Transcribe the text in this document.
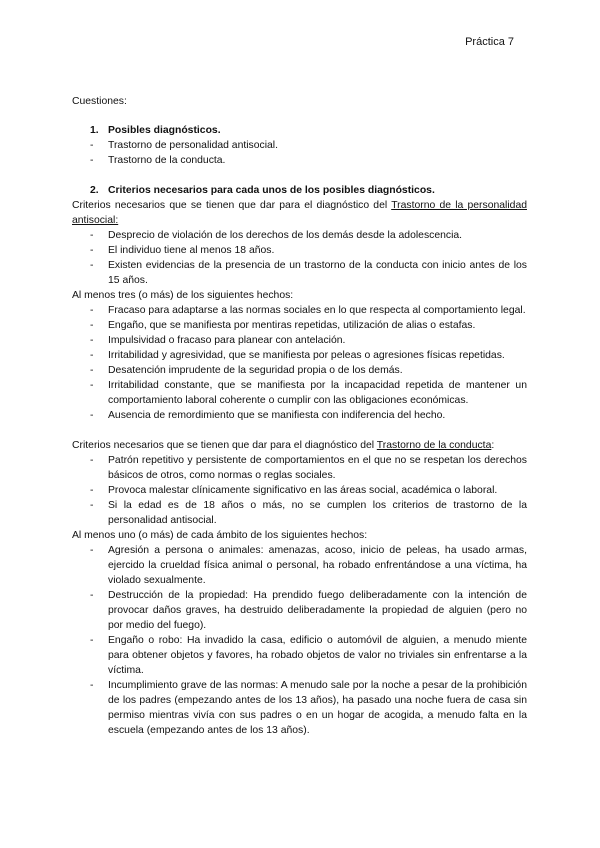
Práctica 7

Cuestiones:

1. Posibles diagnósticos.

- Trastorno de personalidad antisocial.
- Trastorno de la conducta.

2. Criterios necesarios para cada unos de los posibles diagnósticos.

Criterios necesarios que se tienen que dar para el diagnóstico del Trastorno de la personalidad antisocial:

- Desprecio de violación de los derechos de los demás desde la adolescencia.
- El individuo tiene al menos 18 años.
- Existen evidencias de la presencia de un trastorno de la conducta con inicio antes de los 15 años.

Al menos tres (o más) de los siguientes hechos:

- Fracaso para adaptarse a las normas sociales en lo que respecta al comportamiento legal.
- Engaño, que se manifiesta por mentiras repetidas, utilización de alias o estafas.
- Impulsividad o fracaso para planear con antelación.
- Irritabilidad y agresividad, que se manifiesta por peleas o agresiones físicas repetidas.
- Desatención imprudente de la seguridad propia o de los demás.
- Irritabilidad constante, que se manifiesta por la incapacidad repetida de mantener un comportamiento laboral coherente o cumplir con las obligaciones económicas.
- Ausencia de remordimiento que se manifiesta con indiferencia del hecho.

Criterios necesarios que se tienen que dar para el diagnóstico del Trastorno de la conducta:

- Patrón repetitivo y persistente de comportamientos en el que no se respetan los derechos básicos de otros, como normas o reglas sociales.
- Provoca malestar clínicamente significativo en las áreas social, académica o laboral.
- Si la edad es de 18 años o más, no se cumplen los criterios de trastorno de la personalidad antisocial.

Al menos uno (o más) de cada ámbito de los siguientes hechos:

- Agresión a persona o animales: amenazas, acoso, inicio de peleas, ha usado armas, ejercido la crueldad física animal o personal, ha robado enfrentándose a una víctima, ha violado sexualmente.
- Destrucción de la propiedad: Ha prendido fuego deliberadamente con la intención de provocar daños graves, ha destruido deliberadamente la propiedad de alguien (pero no por medio del fuego).
- Engaño o robo: Ha invadido la casa, edificio o automóvil de alguien, a menudo miente para obtener objetos y favores, ha robado objetos de valor no triviales sin enfrentarse a la víctima.
- Incumplimiento grave de las normas: A menudo sale por la noche a pesar de la prohibición de los padres (empezando antes de los 13 años), ha pasado una noche fuera de casa sin permiso mientras vivía con sus padres o en un hogar de acogida, a menudo falta en la escuela (empezando antes de los 13 años).
